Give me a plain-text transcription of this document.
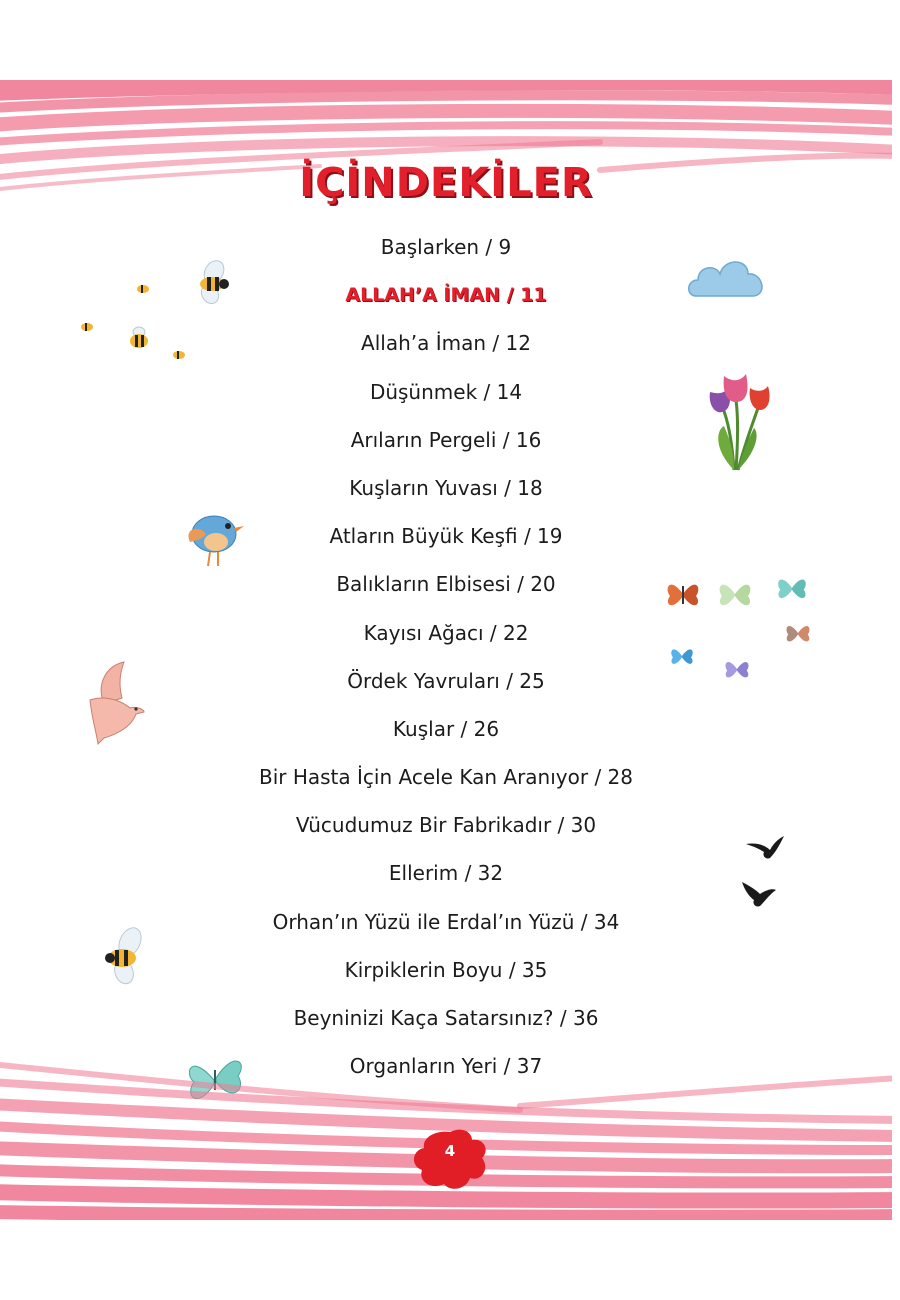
İÇİNDEKİLER
Başlarken / 9
ALLAH’A İMAN / 11
Allah’a İman / 12
Düşünmek / 14
Arıların Pergeli / 16
Kuşların Yuvası / 18
Atların Büyük Keşfi / 19
Balıkların Elbisesi / 20
Kayısı Ağacı / 22
Ördek Yavruları / 25
Kuşlar / 26
Bir Hasta İçin Acele Kan Aranıyor / 28
Vücudumuz Bir Fabrikadır / 30
Ellerim / 32
Orhan’ın Yüzü ile Erdal’ın Yüzü / 34
Kirpiklerin Boyu / 35
Beyninizi Kaça Satarsınız? / 36
Organların Yeri / 37
4
